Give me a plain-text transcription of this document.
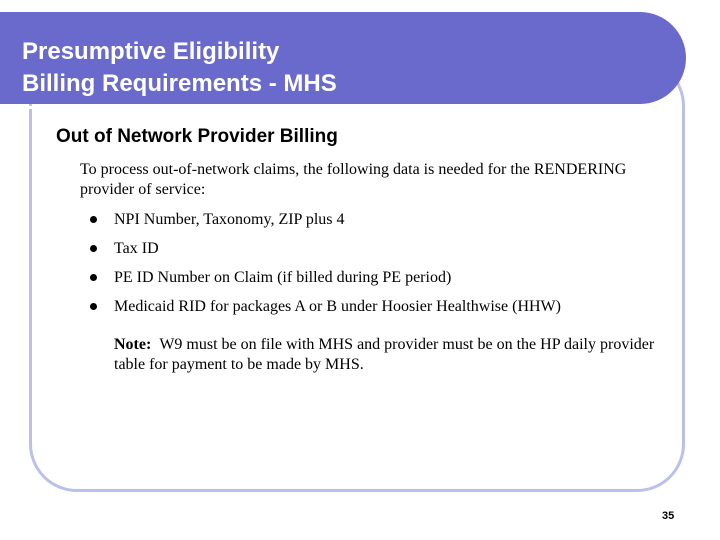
Presumptive Eligibility
Billing Requirements - MHS
Out of Network Provider Billing

To process out-of-network claims, the following data is needed for the RENDERING provider of service:

NPI Number, Taxonomy, ZIP plus 4
Tax ID
PE ID Number on Claim (if billed during PE period)
Medicaid RID for packages A or B under Hoosier Healthwise (HHW)

Note: W9 must be on file with MHS and provider must be on the HP daily provider table for payment to be made by MHS.

35
